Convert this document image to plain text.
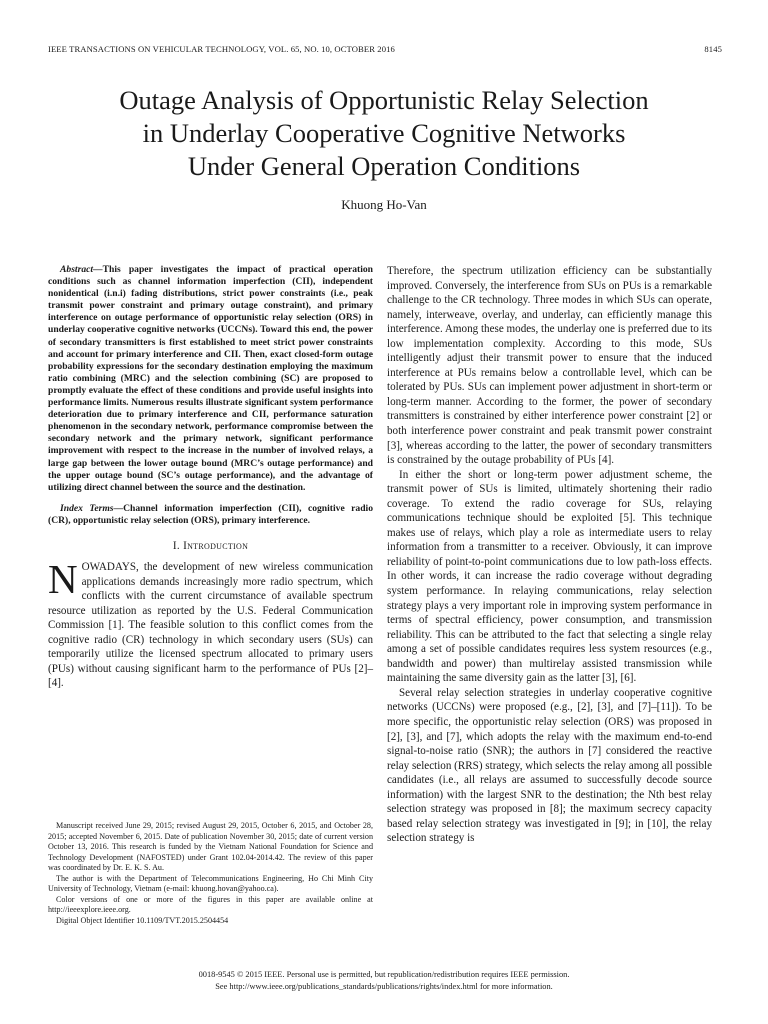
IEEE TRANSACTIONS ON VEHICULAR TECHNOLOGY, VOL. 65, NO. 10, OCTOBER 2016	8145
Outage Analysis of Opportunistic Relay Selection
in Underlay Cooperative Cognitive Networks
Under General Operation Conditions
Khuong Ho-Van

Abstract—This paper investigates the impact of practical operation conditions such as channel information imperfection (CII), independent nonidentical (i.n.i) fading distributions, strict power constraints (i.e., peak transmit power constraint and primary outage constraint), and primary interference on outage performance of opportunistic relay selection (ORS) in underlay cooperative cognitive networks (UCCNs). Toward this end, the power of secondary transmitters is first established to meet strict power constraints and account for primary interference and CII. Then, exact closed-form outage probability expressions for the secondary destination employing the maximum ratio combining (MRC) and the selection combining (SC) are proposed to promptly evaluate the effect of these conditions and provide useful insights into performance limits. Numerous results illustrate significant system performance deterioration due to primary interference and CII, performance saturation phenomenon in the secondary network, performance compromise between the secondary network and the primary network, significant performance improvement with respect to the increase in the number of involved relays, a large gap between the lower outage bound (MRC’s outage performance) and the upper outage bound (SC’s outage performance), and the advantage of utilizing direct channel between the source and the destination.

Index Terms—Channel information imperfection (CII), cognitive radio (CR), opportunistic relay selection (ORS), primary interference.

I. Introduction

NOWADAYS, the development of new wireless communication applications demands increasingly more radio spectrum, which conflicts with the current circumstance of available spectrum resource utilization as reported by the U.S. Federal Communication Commission [1]. The feasible solution to this conflict comes from the cognitive radio (CR) technology in which secondary users (SUs) can temporarily utilize the licensed spectrum allocated to primary users (PUs) without causing significant harm to the performance of PUs [2]–[4].

Manuscript received June 29, 2015; revised August 29, 2015, October 6, 2015, and October 28, 2015; accepted November 6, 2015. Date of publication November 30, 2015; date of current version October 13, 2016. This research is funded by the Vietnam National Foundation for Science and Technology Development (NAFOSTED) under Grant 102.04-2014.42. The review of this paper was coordinated by Dr. E. K. S. Au.

The author is with the Department of Telecommunications Engineering, Ho Chi Minh City University of Technology, Vietnam (e-mail: khuong.hovan@yahoo.ca).

Color versions of one or more of the figures in this paper are available online at http://ieeexplore.ieee.org.

Digital Object Identifier 10.1109/TVT.2015.2504454

Therefore, the spectrum utilization efficiency can be substantially improved. Conversely, the interference from SUs on PUs is a remarkable challenge to the CR technology. Three modes in which SUs can operate, namely, interweave, overlay, and underlay, can efficiently manage this interference. Among these modes, the underlay one is preferred due to its low implementation complexity. According to this mode, SUs intelligently adjust their transmit power to ensure that the induced interference at PUs remains below a controllable level, which can be tolerated by PUs. SUs can implement power adjustment in short-term or long-term manner. According to the former, the power of secondary transmitters is constrained by either interference power constraint [2] or both interference power constraint and peak transmit power constraint [3], whereas according to the latter, the power of secondary transmitters is constrained by the outage probability of PUs [4].

In either the short or long-term power adjustment scheme, the transmit power of SUs is limited, ultimately shortening their radio coverage. To extend the radio coverage for SUs, relaying communications technique should be exploited [5]. This technique makes use of relays, which play a role as intermediate users to relay information from a transmitter to a receiver. Obviously, it can improve reliability of point-to-point communications due to low path-loss effects. In other words, it can increase the radio coverage without degrading system performance. In relaying communications, relay selection strategy plays a very important role in improving system performance in terms of spectral efficiency, power consumption, and transmission reliability. This can be attributed to the fact that selecting a single relay among a set of possible candidates requires less system resources (e.g., bandwidth and power) than multirelay assisted transmission while maintaining the same diversity gain as the latter [3], [6].

Several relay selection strategies in underlay cooperative cognitive networks (UCCNs) were proposed (e.g., [2], [3], and [7]–[11]). To be more specific, the opportunistic relay selection (ORS) was proposed in [2], [3], and [7], which adopts the relay with the maximum end-to-end signal-to-noise ratio (SNR); the authors in [7] considered the reactive relay selection (RRS) strategy, which selects the relay among all possible candidates (i.e., all relays are assumed to successfully decode source information) with the largest SNR to the destination; the Nth best relay selection strategy was proposed in [8]; the maximum secrecy capacity based relay selection strategy was investigated in [9]; in [10], the relay selection strategy is

0018-9545 © 2015 IEEE. Personal use is permitted, but republication/redistribution requires IEEE permission.
See http://www.ieee.org/publications_standards/publications/rights/index.html for more information.
